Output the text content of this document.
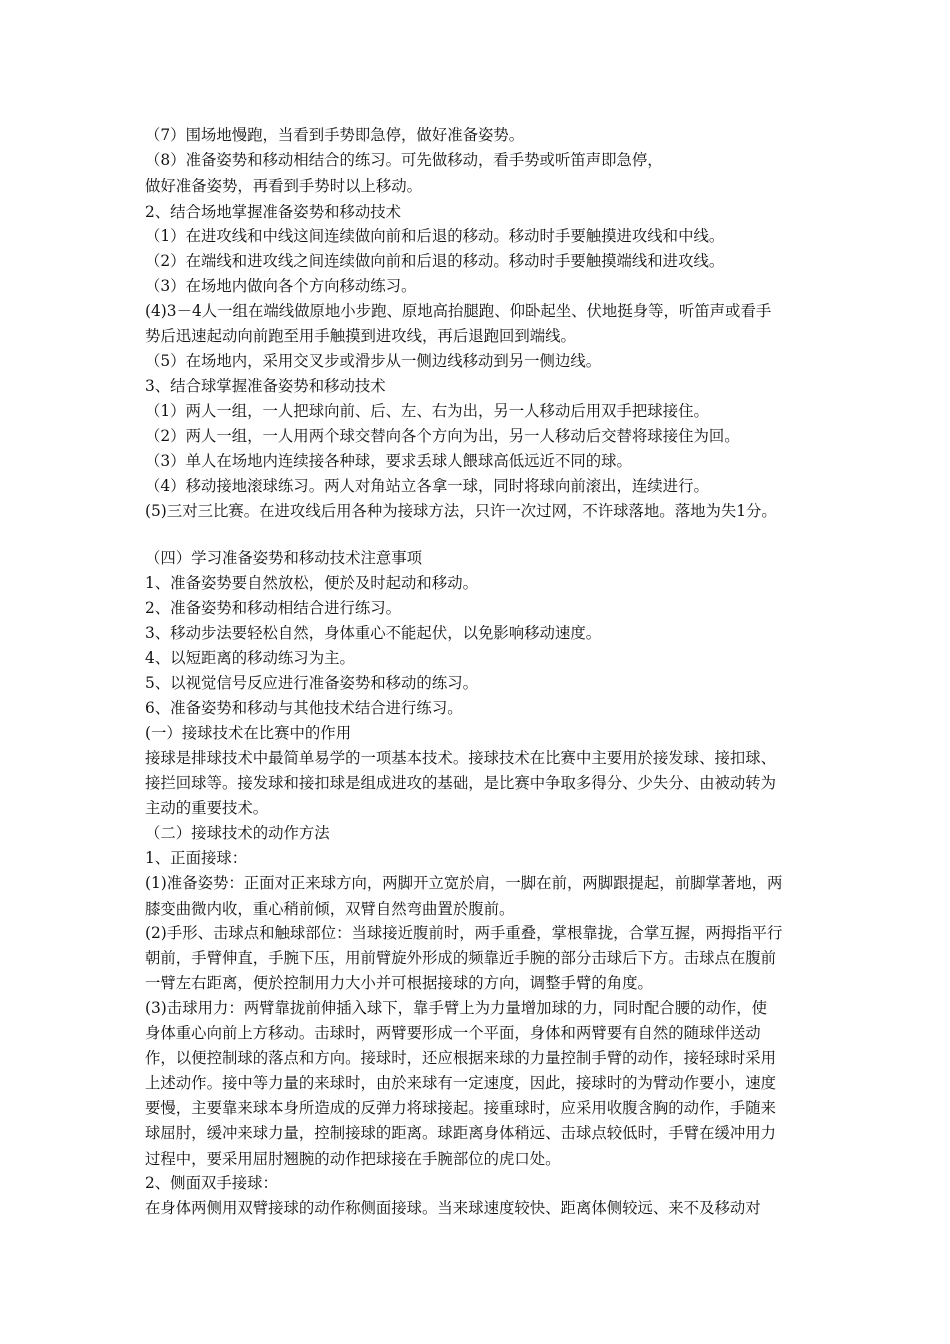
（7）围场地慢跑，当看到手势即急停，做好准备姿势。
（8）准备姿势和移动相结合的练习。可先做移动，看手势或听笛声即急停，
做好准备姿势，再看到手势时以上移动。
2、结合场地掌握准备姿势和移动技术
（1）在进攻线和中线这间连续做向前和后退的移动。移动时手要触摸进攻线和中线。
（2）在端线和进攻线之间连续做向前和后退的移动。移动时手要触摸端线和进攻线。
（3）在场地内做向各个方向移动练习。
(4)3－4人一组在端线做原地小步跑、原地高抬腿跑、仰卧起坐、伏地挺身等，听笛声或看手
势后迅速起动向前跑至用手触摸到进攻线，再后退跑回到端线。
（5）在场地内，采用交叉步或滑步从一侧边线移动到另一侧边线。
3、结合球掌握准备姿势和移动技术
（1）两人一组，一人把球向前、后、左、右为出，另一人移动后用双手把球接住。
（2）两人一组，一人用两个球交替向各个方向为出，另一人移动后交替将球接住为回。
（3）单人在场地内连续接各种球，要求丢球人餵球高低远近不同的球。
（4）移动接地滚球练习。两人对角站立各拿一球，同时将球向前滚出，连续进行。
(5)三对三比赛。在进攻线后用各种为接球方法，只许一次过网，不许球落地。落地为失1分。
（四）学习准备姿势和移动技术注意事项
1、准备姿势要自然放松，便於及时起动和移动。
2、准备姿势和移动相结合进行练习。
3、移动步法要轻松自然，身体重心不能起伏，以免影响移动速度。
4、以短距离的移动练习为主。
5、以视觉信号反应进行准备姿势和移动的练习。
6、准备姿势和移动与其他技术结合进行练习。
(一）接球技术在比赛中的作用
接球是排球技术中最简单易学的一项基本技术。接球技术在比赛中主要用於接发球、接扣球、
接拦回球等。接发球和接扣球是组成进攻的基础，是比赛中争取多得分、少失分、由被动转为
主动的重要技术。
（二）接球技术的动作方法
1、正面接球：
(1)准备姿势：正面对正来球方向，两脚开立宽於肩，一脚在前，两脚跟提起，前脚掌著地，两
膝变曲微内收，重心稍前倾，双臂自然弯曲置於腹前。
(2)手形、击球点和触球部位：当球接近腹前时，两手重叠，掌根靠拢，合掌互握，两拇指平行
朝前，手臂伸直，手腕下压，用前臂旋外形成的频靠近手腕的部分击球后下方。击球点在腹前
一臂左右距离，便於控制用力大小并可根据接球的方向，调整手臂的角度。
(3)击球用力：两臂靠拢前伸插入球下，靠手臂上为力量增加球的力，同时配合腰的动作，使
身体重心向前上方移动。击球时，两臂要形成一个平面，身体和两臂要有自然的随球伴送动
作，以便控制球的落点和方向。接球时，还应根据来球的力量控制手臂的动作，接轻球时采用
上述动作。接中等力量的来球时，由於来球有一定速度，因此，接球时的为臂动作要小，速度
要慢，主要靠来球本身所造成的反弹力将球接起。接重球时，应采用收腹含胸的动作，手随来
球屈肘，缓冲来球力量，控制接球的距离。球距离身体稍远、击球点较低时，手臂在缓冲用力
过程中，要采用屈肘翘腕的动作把球接在手腕部位的虎口处。
2、侧面双手接球：
在身体两侧用双臂接球的动作称侧面接球。当来球速度较快、距离体侧较远、来不及移动对
